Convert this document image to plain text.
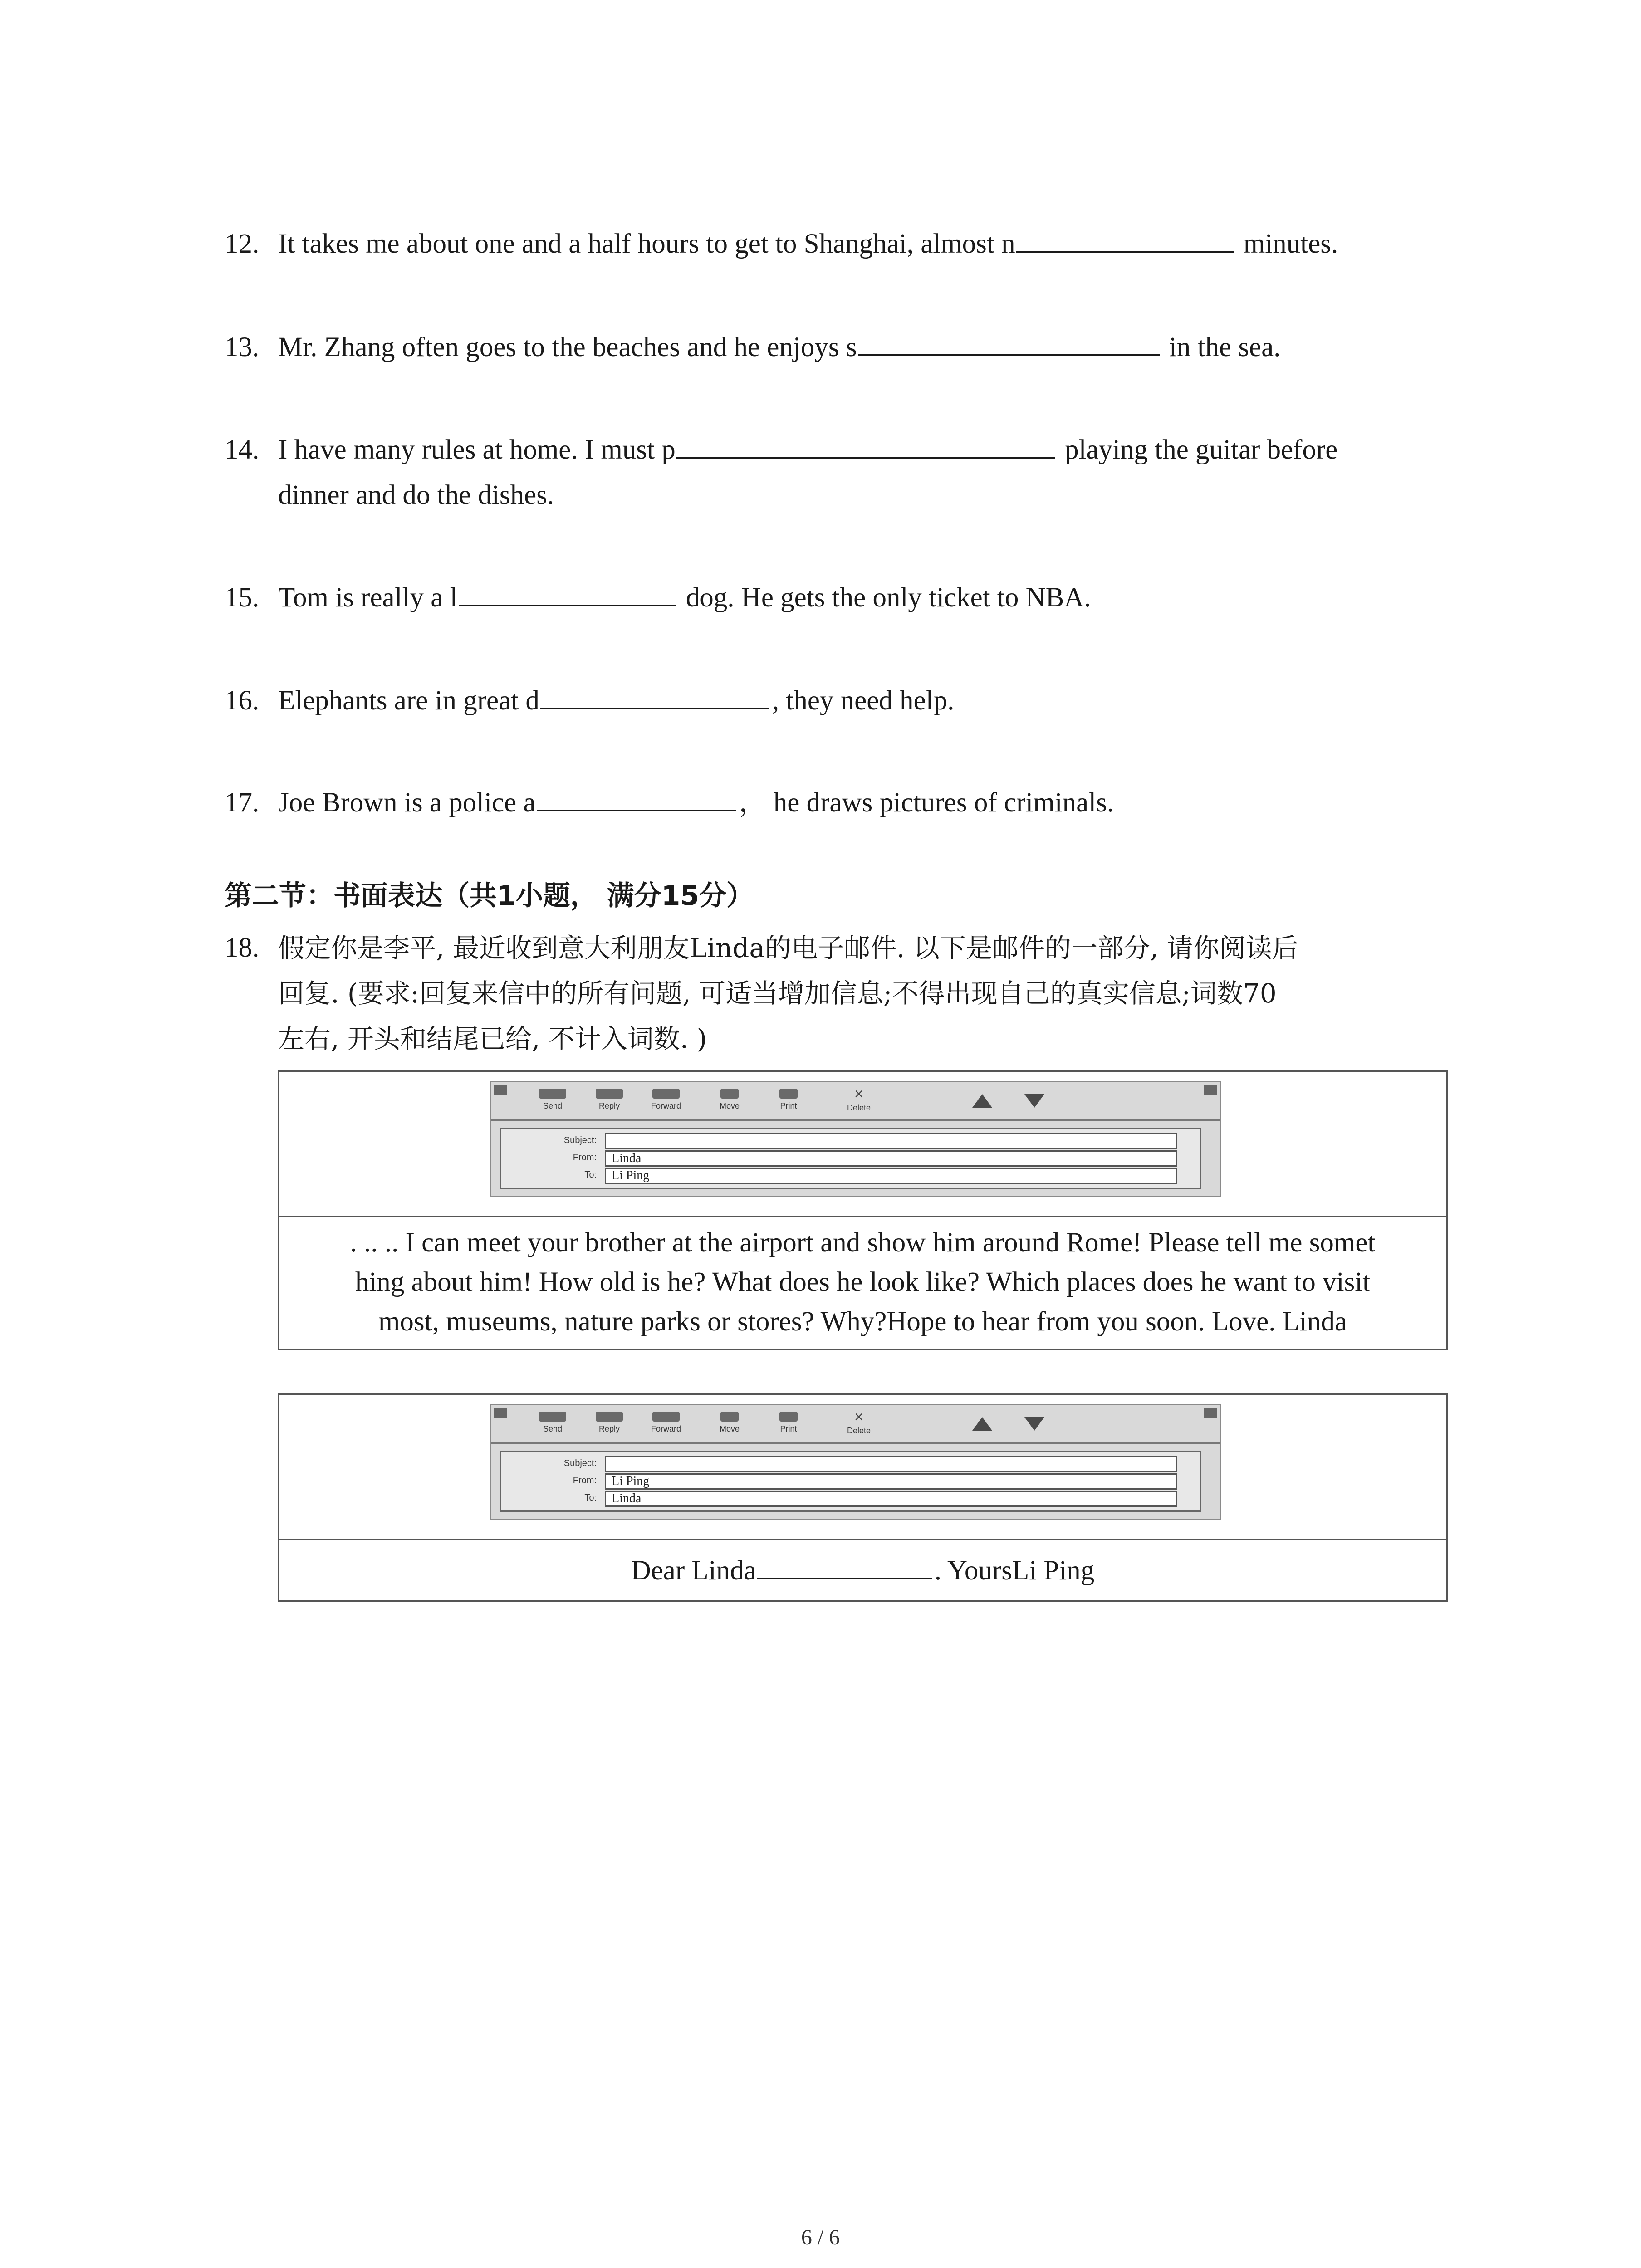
12. It takes me about one and a half hours to get to Shanghai, almost n	minutes.
13. Mr. Zhang often goes to the beaches and he enjoys s	in the sea.
14. I have many rules at home. I must p	playing the guitar before
dinner and do the dishes.
15. Tom is really a l	dog. He gets the only ticket to NBA.
16. Elephants are in great d	, they need help.
17. Joe Brown is a police a	， he draws pictures of criminals.
第二节：书面表达（共1小题， 满分15分）
18. 假定你是李平, 最近收到意大利朋友Linda的电子邮件. 以下是邮件的一部分, 请你阅读后
回复. (要求:回复来信中的所有问题, 可适当增加信息;不得出现自己的真实信息;词数70
左右, 开头和结尾已给, 不计入词数. )
Send	Reply	Forward	Move	Print
×
Delete
Subject:
From:	Linda
To:	Li Ping
. .. .. I can meet your brother at the airport and show him around Rome! Please tell me somet
hing about him! How old is he? What does he look like? Which places does he want to visit
most, museums, nature parks or stores? Why?Hope to hear from you soon. Love. Linda
Send	Reply	Forward	Move	Print
×
Delete
Subject:
From:	Li Ping
To:	Linda
Dear Linda	. YoursLi Ping
6 / 6
